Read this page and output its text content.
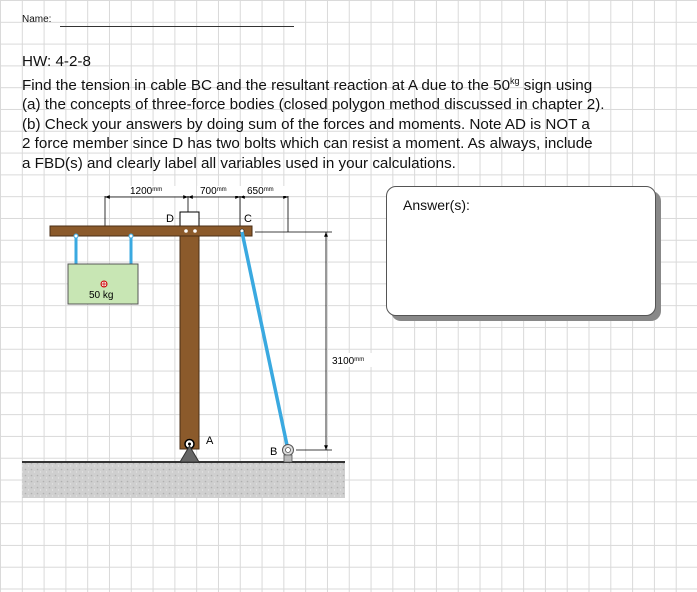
Name:
HW: 4-2-8
Find the tension in cable BC and the resultant reaction at A due to the $50^{kg}$ sign using
(a) the concepts of three-force bodies (closed polygon method discussed in chapter 2).
(b) Check your answers by doing sum of the forces and moments. Note AD is NOT a
2 force member since D has two bolts which can resist a moment. As always, include
a FBD(s) and clearly label all variables used in your calculations.
Answer(s):
$1200^{mm}$	$700^{mm}$ $650^{mm}$
$3100^{mm}$
50 kg
D	C
A
B
